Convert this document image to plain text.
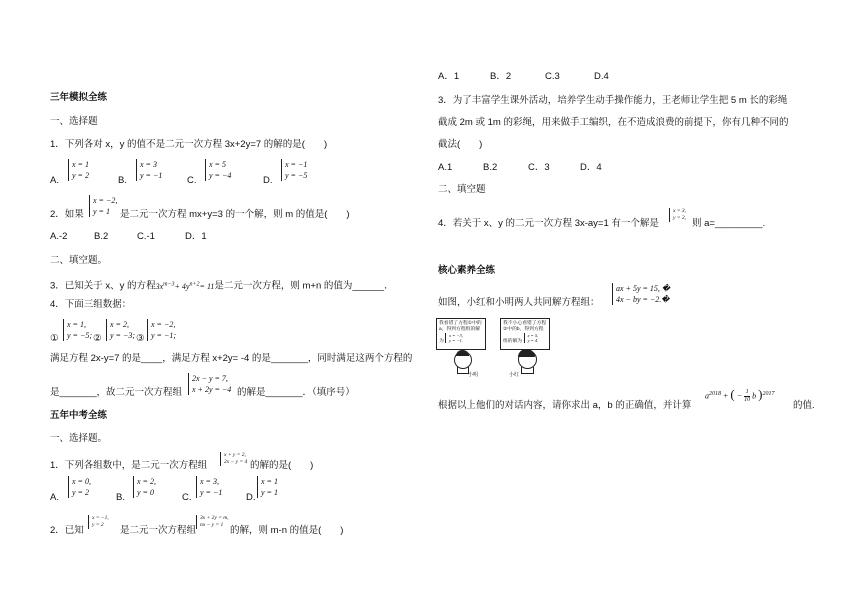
三年模拟全练
一、选择题
1．下列各对 x，y 的值不是二元一次方程 3x+2y=7 的解的是(　　)
A.
x = 1
y = 2	B.
x = 3
y = −1	C.
x = 5
y = −4	D.
x = −1
y = −5
2．如果
x = −2,
y = 1	是二元一次方程 mx+y=3 的一个解，则 m 的值是(　　)
A.-2	B.2	C.-1	D．1
二、填空题。
3．已知关于 x、y 的方程$3x^{m-3}+ 4y^{n+2}= 11$是二元一次方程，则 m+n 的值为______．
4．下面三组数据：
①
x = 1,
y = −5; ②
x = 2,
y = −3; ③
x = −2,
y = −1;
满足方程 2x-y=7 的是____，满足方程 x+2y= -4 的是_______，同时满足这两个方程的
是_______，故二元一次方程组
2x − y = 7,
x + 2y = −4 的解是_______．（填序号）
五年中考全练
一、选择题。
1．下列各组数中，是二元一次方程组
x + y = 2,
2x − y = 4 的解的是(　　)
A.
x = 0,
y = 2	B.
x = 2,
y = 0	C.
x = 3,
y = −1 D.
x = 1
y = 1
2．已知
x = −1,
y = 2	是二元一次方程组
3x + 2y = m,
nx − y = 1 的解，则 m-n 的值是(　　)
A．1	B．2	C.3	D.4
3．为了丰富学生课外活动，培养学生动手操作能力，王老师让学生把 5 m 长的彩绳
截成 2m 或 1m 的彩绳，用来做手工编织，在不造成浪费的前提下，你有几种不同的
截法(　　)
A.1	B.2	C．3	D．4
二、填空题
4．若关于 x、y 的二元一次方程 3x-ay=1 有一个解是
x = 3,
y = 2, 则 a=_________.
核心素养全练
如图，小红和小明两人共同解方程组：
ax + 5y = 15, �
4x − by = −2.�
我看错了方程①中的a，得到方程组的解为
x = −3,
y = −1.
我不小心看错了方程②中的b，得到方程组的解为
x = 5,
y = 4.
小明	小红
根据以上他们的对话内容，请你求出 a，b 的正确值，并计算
$a^{2018}$ + ( − $\frac{1}{10}$ b )$^{2017}$
的值.
